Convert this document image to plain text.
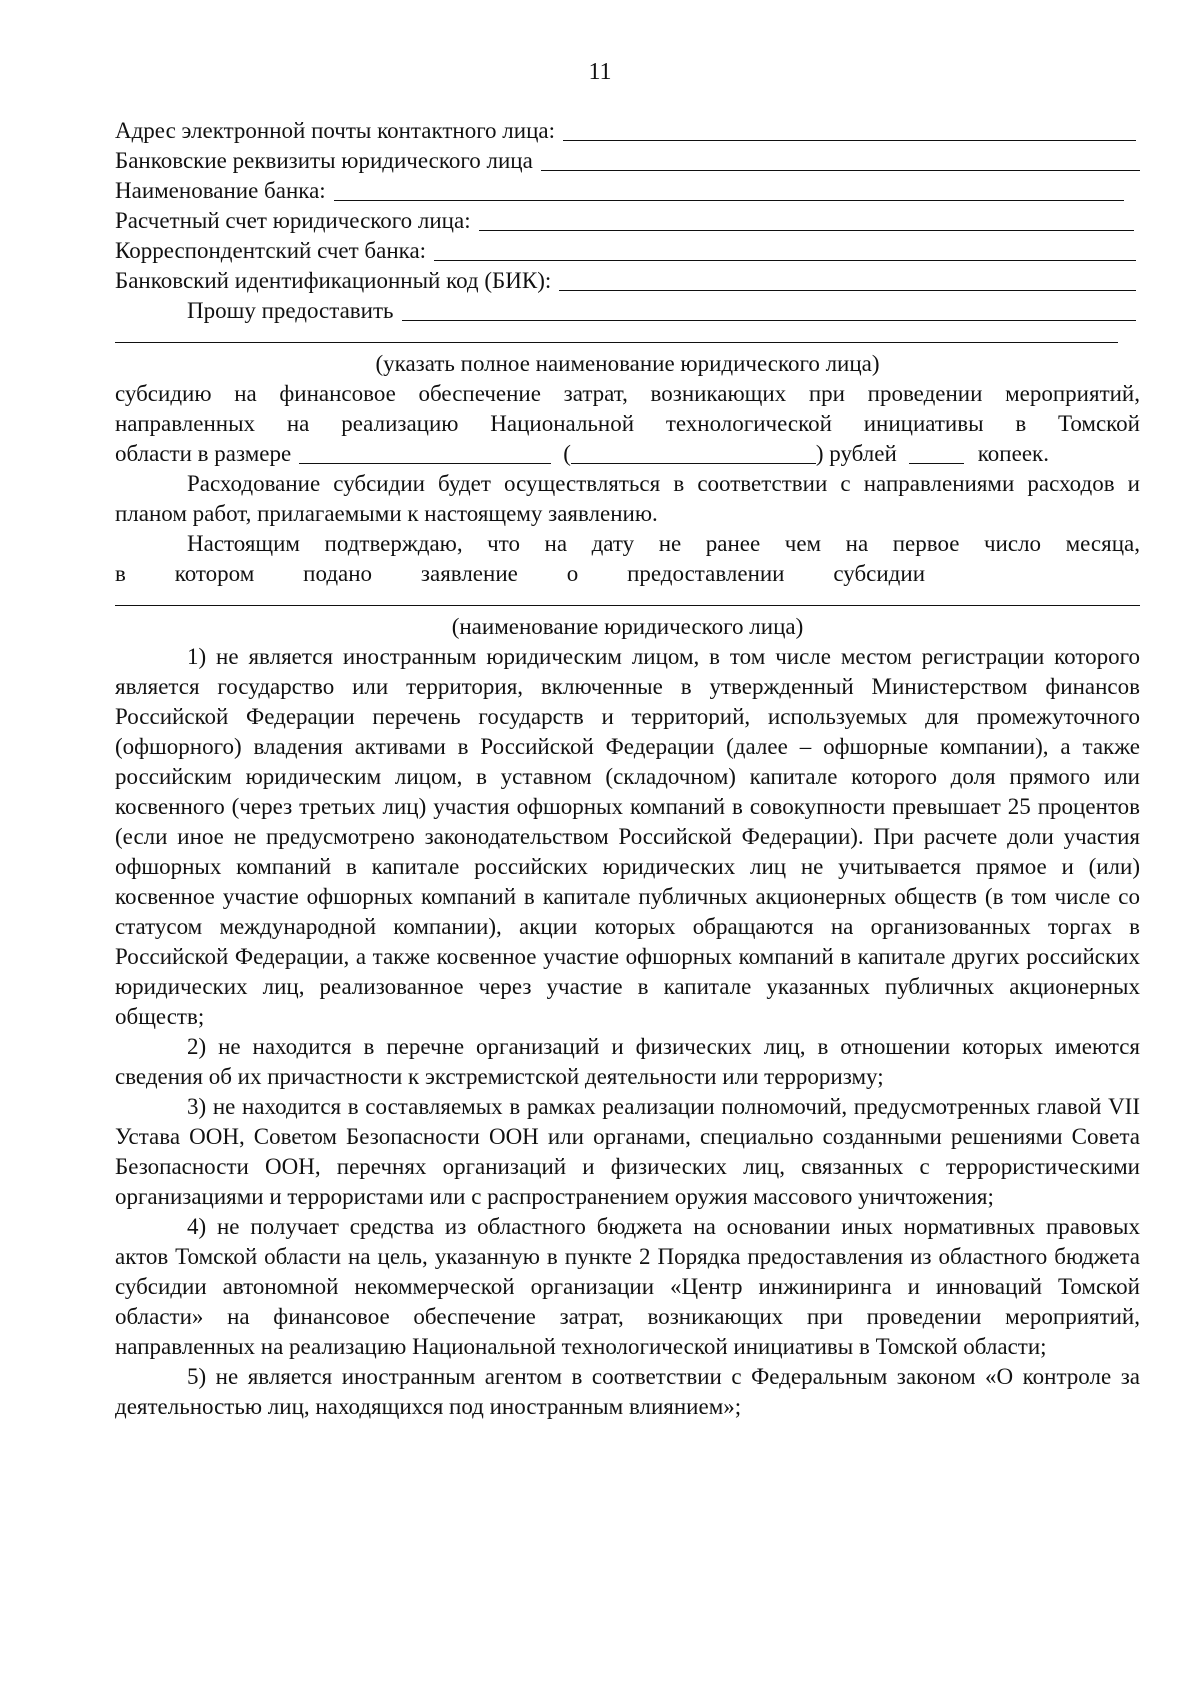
11
Адрес электронной почты контактного лица:
Банковские реквизиты юридического лица
Наименование банка:
Расчетный счет юридического лица:
Корреспондентский счет банка:
Банковский идентификационный код (БИК):
Прошу предоставить
(указать полное наименование юридического лица)

субсидию на финансовое обеспечение затрат, возникающих при проведении мероприятий, направленных на реализацию Национальной технологической инициативы в Томской

области в размере	(	) рублей	копеек.

Расходование субсидии будет осуществляться в соответствии с направлениями расходов и планом работ, прилагаемыми к настоящему заявлению.

Настоящим подтверждаю, что на дату не ранее чем на первое число месяца,

в котором подано заявление о предоставлении субсидии

(наименование юридического лица)

1) не является иностранным юридическим лицом, в том числе местом регистрации которого является государство или территория, включенные в утвержденный Министерством финансов Российской Федерации перечень государств и территорий, используемых для промежуточного (офшорного) владения активами в Российской Федерации (далее – офшорные компании), а также российским юридическим лицом, в уставном (складочном) капитале которого доля прямого или косвенного (через третьих лиц) участия офшорных компаний в совокупности превышает 25 процентов (если иное не предусмотрено законодательством Российской Федерации). При расчете доли участия офшорных компаний в капитале российских юридических лиц не учитывается прямое и (или) косвенное участие офшорных компаний в капитале публичных акционерных обществ (в том числе со статусом международной компании), акции которых обращаются на организованных торгах в Российской Федерации, а также косвенное участие офшорных компаний в капитале других российских юридических лиц, реализованное через участие в капитале указанных публичных акционерных обществ;

2) не находится в перечне организаций и физических лиц, в отношении которых имеются сведения об их причастности к экстремистской деятельности или терроризму;

3) не находится в составляемых в рамках реализации полномочий, предусмотренных главой VII Устава ООН, Советом Безопасности ООН или органами, специально созданными решениями Совета Безопасности ООН, перечнях организаций и физических лиц, связанных с террористическими организациями и террористами или с распространением оружия массового уничтожения;

4) не получает средства из областного бюджета на основании иных нормативных правовых актов Томской области на цель, указанную в пункте 2 Порядка предоставления из областного бюджета субсидии автономной некоммерческой организации «Центр инжиниринга и инноваций Томской области» на финансовое обеспечение затрат, возникающих при проведении мероприятий, направленных на реализацию Национальной технологической инициативы в Томской области;

5) не является иностранным агентом в соответствии с Федеральным законом «О контроле за деятельностью лиц, находящихся под иностранным влиянием»;
